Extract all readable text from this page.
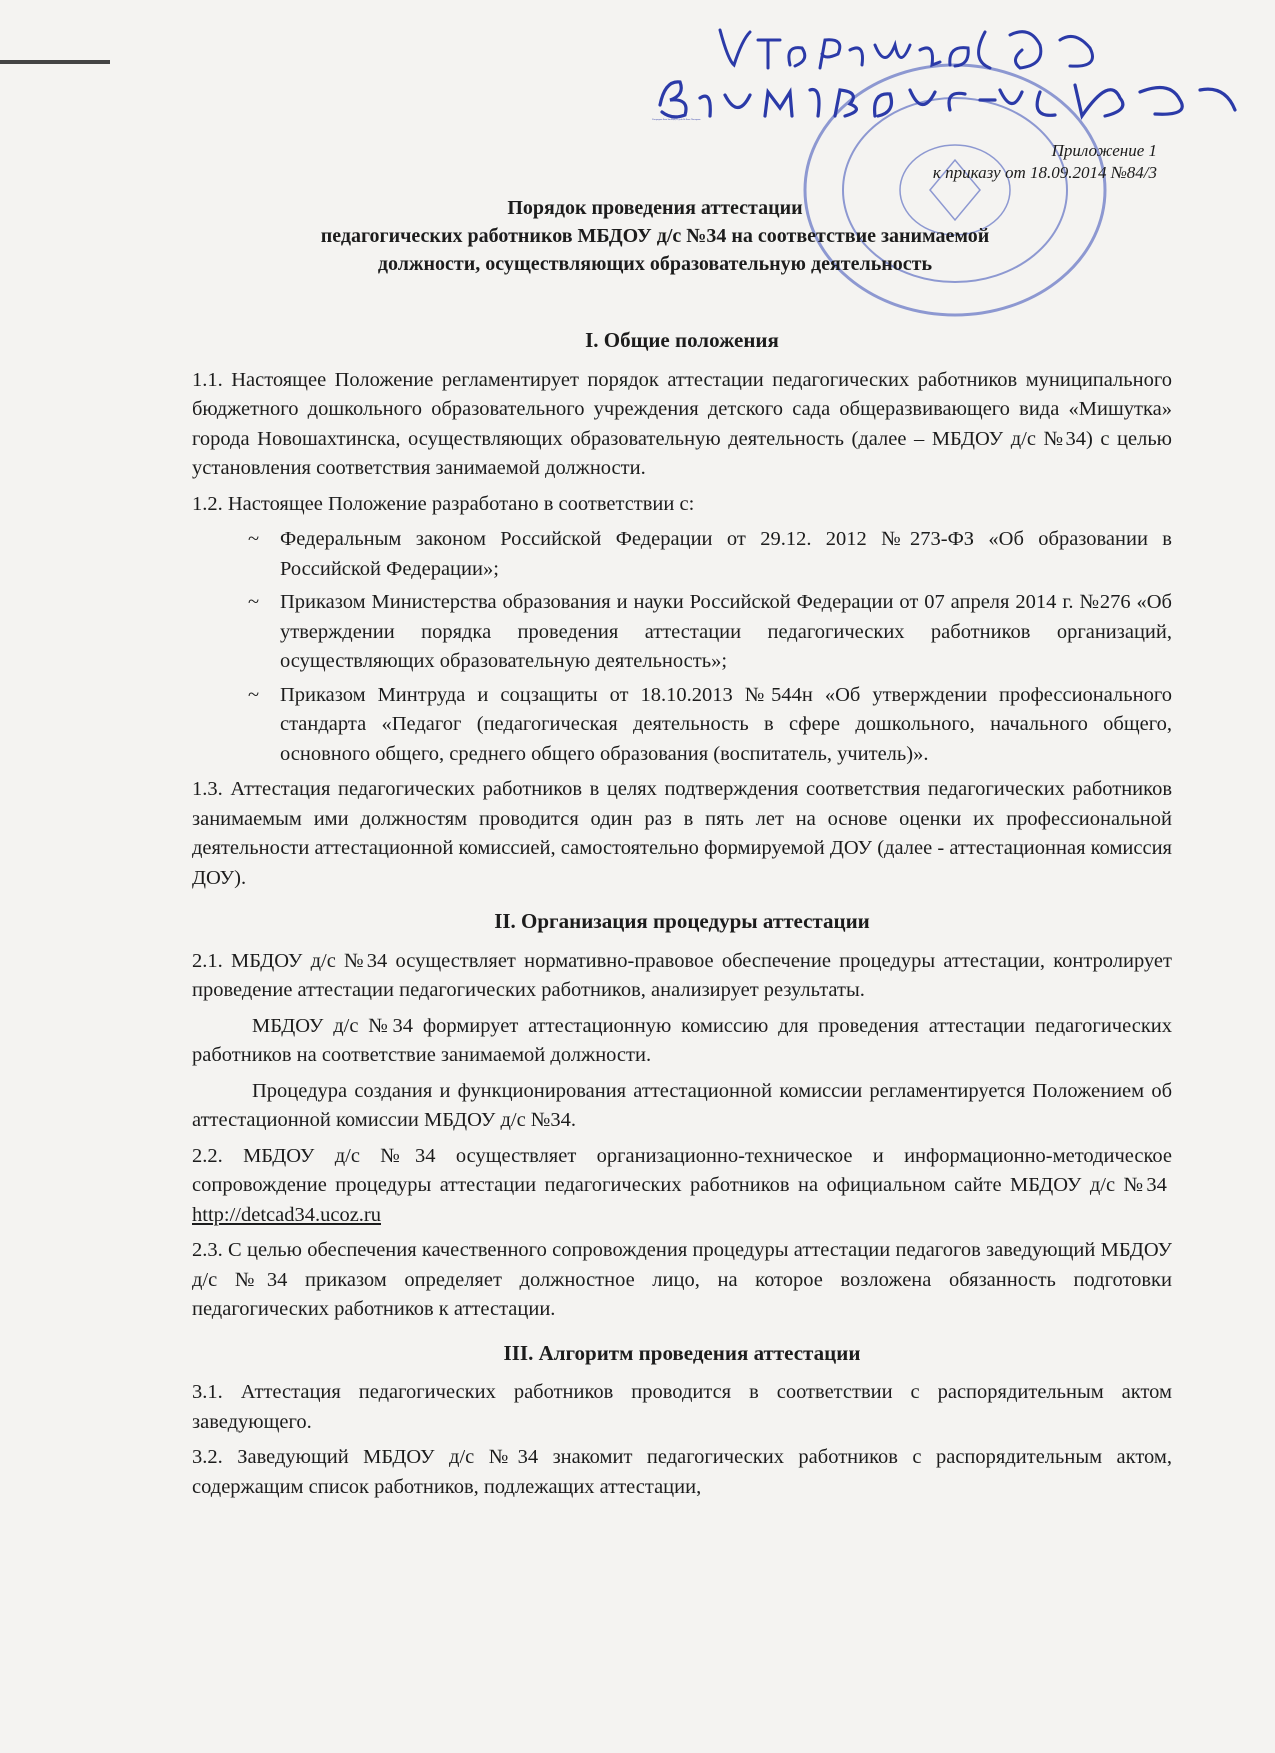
Утверждаю: Бонч Зав.МБДОУ д/с№34: Бонч /Пончарова
Приложение 1
к приказу от 18.09.2014 №84/3
Порядок проведения аттестации
педагогических работников МБДОУ д/с №34 на соответствие занимаемой
должности, осуществляющих образовательную деятельность
I. Общие положения

1.1. Настоящее Положение регламентирует порядок аттестации педагогических работников муниципального бюджетного дошкольного образовательного учреждения детского сада общеразвивающего вида «Мишутка» города Новошахтинска, осуществляющих образовательную деятельность (далее – МБДОУ д/с №34) с целью установления соответствия занимаемой должности.

1.2. Настоящее Положение разработано в соответствии с:

~ Федеральным законом Российской Федерации от 29.12. 2012 №273-ФЗ «Об образовании в Российской Федерации»;
~ Приказом Министерства образования и науки Российской Федерации от 07 апреля 2014 г. №276 «Об утверждении порядка проведения аттестации педагогических работников организаций, осуществляющих образовательную деятельность»;
~ Приказом Минтруда и соцзащиты от 18.10.2013 №544н «Об утверждении профессионального стандарта «Педагог (педагогическая деятельность в сфере дошкольного, начального общего, основного общего, среднего общего образования (воспитатель, учитель)».

1.3. Аттестация педагогических работников в целях подтверждения соответствия педагогических работников занимаемым ими должностям проводится один раз в пять лет на основе оценки их профессиональной деятельности аттестационной комиссией, самостоятельно формируемой ДОУ (далее - аттестационная комиссия ДОУ).

II. Организация процедуры аттестации

2.1. МБДОУ д/с №34 осуществляет нормативно-правовое обеспечение процедуры аттестации, контролирует проведение аттестации педагогических работников, анализирует результаты.

МБДОУ д/с №34 формирует аттестационную комиссию для проведения аттестации педагогических работников на соответствие занимаемой должности.

Процедура создания и функционирования аттестационной комиссии регламентируется Положением об аттестационной комиссии МБДОУ д/с №34.

2.2. МБДОУ д/с №34 осуществляет организационно-техническое и информационно-методическое сопровождение процедуры аттестации педагогических работников на официальном сайте МБДОУ д/с №34  http://detcad34.ucoz.ru

2.3. С целью обеспечения качественного сопровождения процедуры аттестации педагогов заведующий МБДОУ д/с №34 приказом определяет должностное лицо, на которое возложена обязанность подготовки педагогических работников к аттестации.

III. Алгоритм проведения аттестации

3.1. Аттестация педагогических работников проводится в соответствии с распорядительным актом заведующего.

3.2. Заведующий МБДОУ д/с №34 знакомит педагогических работников с распорядительным актом, содержащим список работников, подлежащих аттестации,
